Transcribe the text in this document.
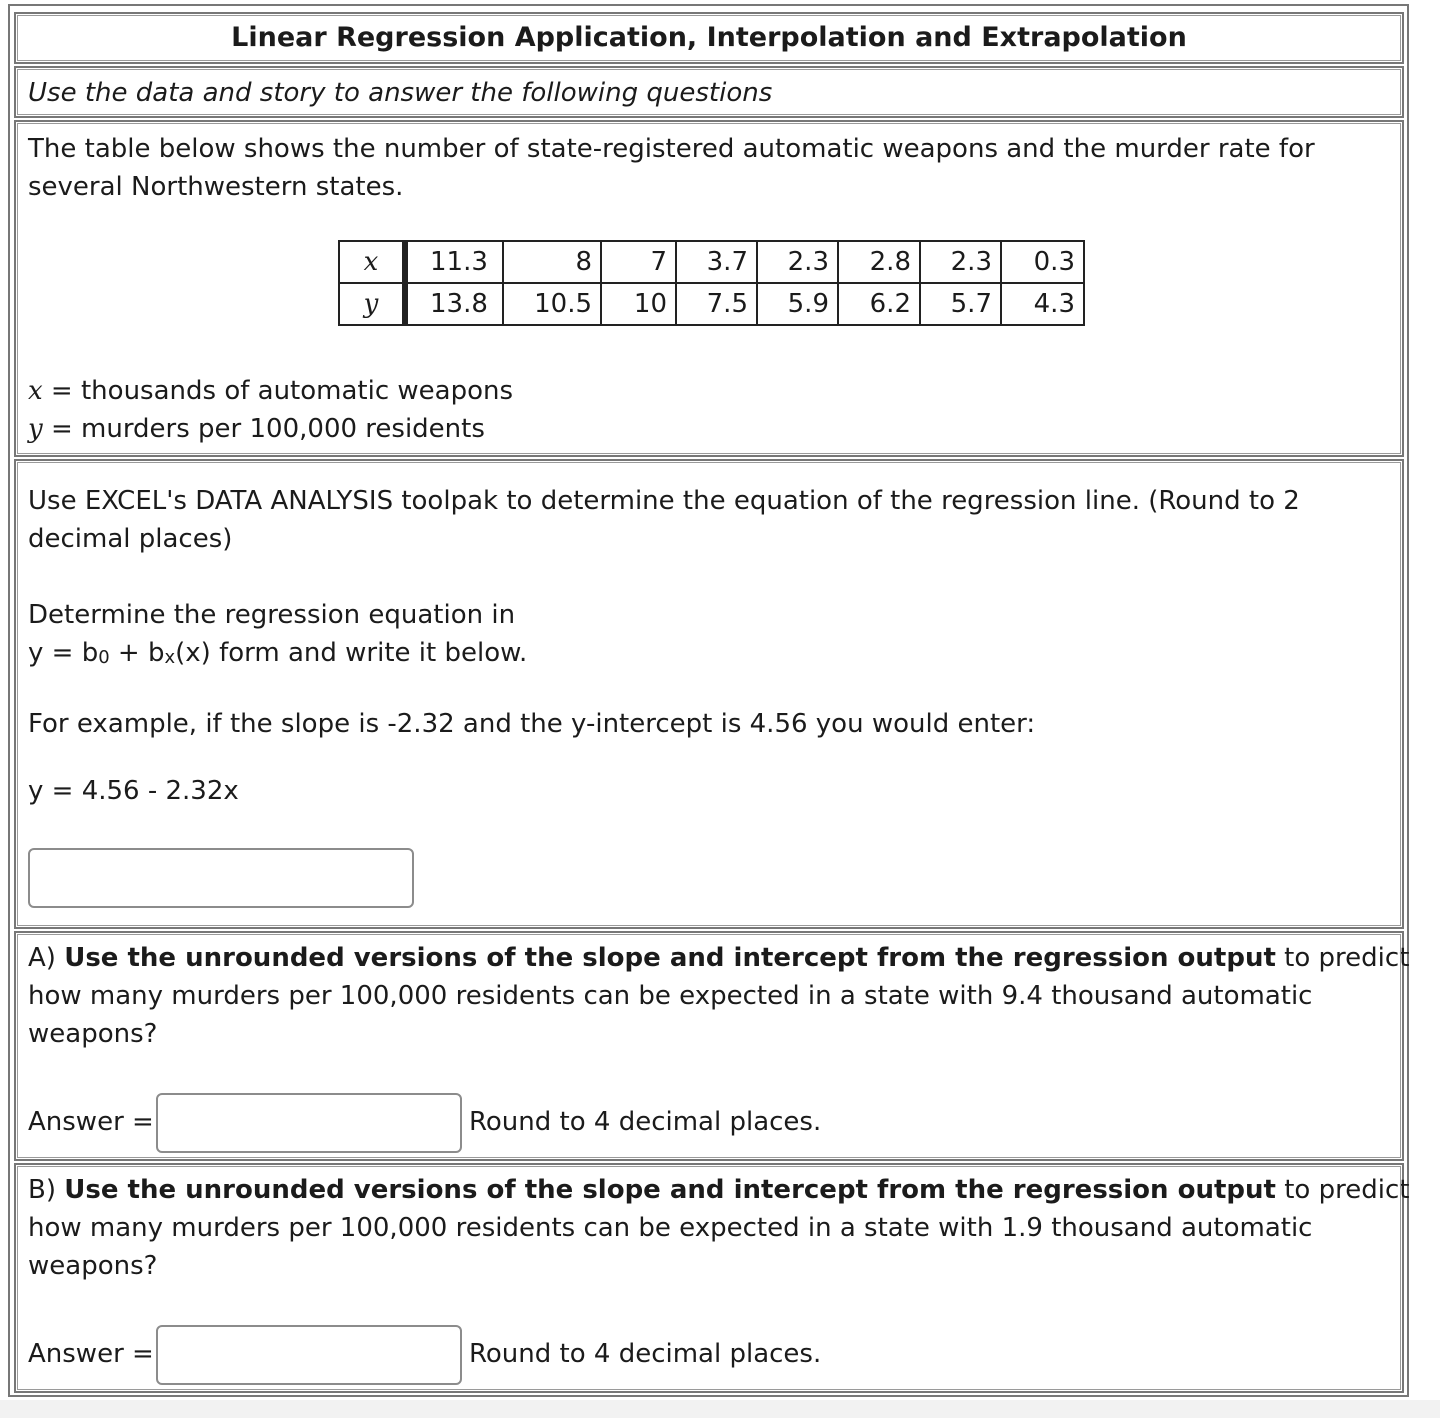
Linear Regression Application, Interpolation and Extrapolation
Use the data and story to answer the following questions
The table below shows the number of state-registered automatic weapons and the murder rate for
several Northwestern states.
x	11.3	8	7	3.7	2.3	2.8	2.3	0.3
y	13.8	10.5	10	7.5	5.9	6.2	5.7	4.3
x = thousands of automatic weapons
y = murders per 100,000 residents
Use EXCEL's DATA ANALYSIS toolpak to determine the equation of the regression line. (Round to 2
decimal places)
Determine the regression equation in
$y = b_0 + b_x(x)$ form and write it below.
For example, if the slope is -2.32 and the y-intercept is 4.56 you would enter:
y = 4.56 - 2.32x
A) Use the unrounded versions of the slope and intercept from the regression output to predict
how many murders per 100,000 residents can be expected in a state with 9.4 thousand automatic
weapons?
Answer =	Round to 4 decimal places.
B) Use the unrounded versions of the slope and intercept from the regression output to predict
how many murders per 100,000 residents can be expected in a state with 1.9 thousand automatic
weapons?
Answer =	Round to 4 decimal places.
